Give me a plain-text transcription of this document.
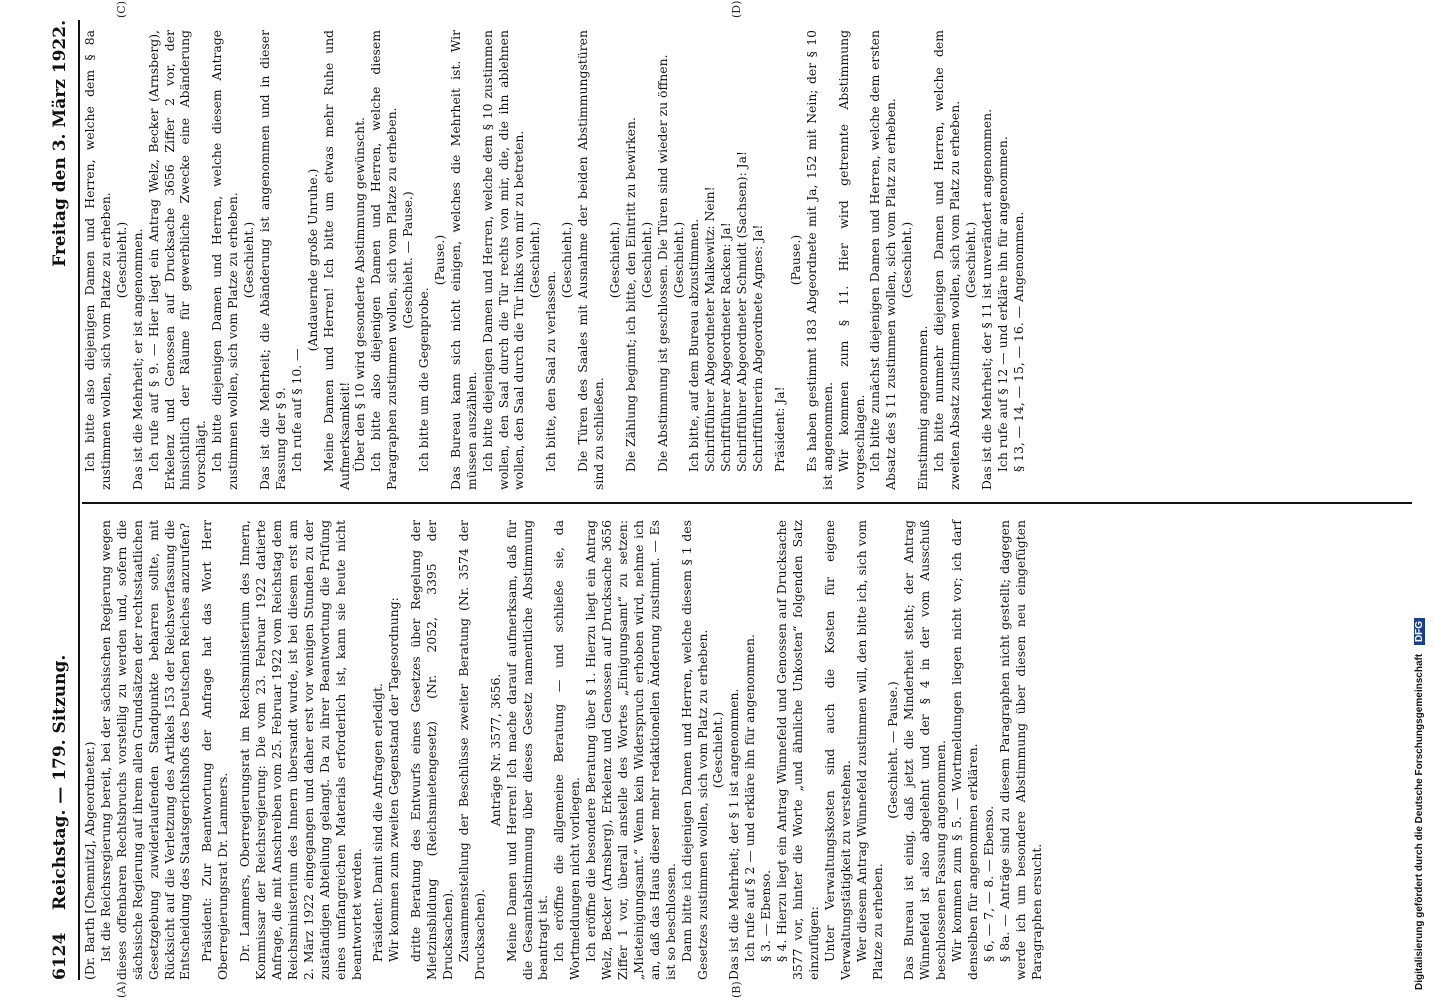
6124
Reichstag. — 179. Sitzung.
Freitag den 3. März 1922.

(Dr. Barth [Chemnitz], Abgeordneter.) Ist die Reichsregierung bereit, bei der sächsischen Regierung wegen dieses offenbaren Rechtsbruchs vorstellig zu werden und, sofern die sächsische Regierung auf ihrem allen Grundsätzen der rechtsstaatlichen Gesetzgebung zuwiderlaufenden Standpunkte beharren sollte, mit Rücksicht auf die Verletzung des Artikels 153 der Reichsverfassung die Entscheidung des Staatsgerichtshofs des Deutschen Reiches anzurufen? Präsident: Zur Beantwortung der Anfrage hat das Wort Herr Oberregierungsrat Dr. Lammers. Dr. Lammers, Oberregierungsrat im Reichsministerium des Innern, Kommissar der Reichsregierung: Die vom 23. Februar 1922 datierte Anfrage, die mit Anschreiben vom 25. Februar 1922 vom Reichstag dem Reichsministerium des Innern übersandt wurde, ist bei diesem erst am 2. März 1922 eingegangen und daher erst vor wenigen Stunden zu der zuständigen Abteilung gelangt. Da zu ihrer Beantwortung die Prüfung eines umfangreichen Materials erforderlich ist, kann sie heute nicht beantwortet werden. Präsident: Damit sind die Anfragen erledigt. Wir kommen zum zweiten Gegenstand der Tagesordnung: dritte Beratung des Entwurfs eines Gesetzes über Regelung der Mietzinsbildung (Reichsmietengesetz) (Nr. 2052, 3395 der Drucksachen). Zusammenstellung der Beschlüsse zweiter Beratung (Nr. 3574 der Drucksachen).

Anträge Nr. 3577, 3656. Meine Damen und Herren! Ich mache darauf aufmerksam, daß für die Gesamtabstimmung über dieses Gesetz namentliche Abstimmung beantragt ist. Ich eröffne die allgemeine Beratung — und schließe sie, da Wortmeldungen nicht vorliegen. Ich eröffne die besondere Beratung über § 1. Hierzu liegt ein Antrag Welz, Becker (Arnsberg), Erkelenz und Genossen auf Drucksache 3656 Ziffer 1 vor, überall anstelle des Wortes „Einigungsamt“ zu setzen: „Mieteinigungsamt.“ Wenn kein Widerspruch erhoben wird, nehme ich an, daß das Haus dieser mehr redaktionellen Änderung zustimmt. — Es ist so beschlossen. Dann bitte ich diejenigen Damen und Herren, welche diesem § 1 des Gesetzes zustimmen wollen, sich vom Platz zu erheben. (Geschieht.) Das ist die Mehrheit; der § 1 ist angenommen. Ich rufe auf § 2 — und erkläre ihn für angenommen. § 3. — Ebenso. § 4. Hierzu liegt ein Antrag Wünnefeld und Genossen auf Drucksache 3577 vor, hinter die Worte „und ähnliche Unkosten“ folgenden Satz einzufügen: Unter Verwaltungskosten sind auch die Kosten für eigene Verwaltungstätigkeit zu verstehen. Wer diesem Antrag Wünnefeld zustimmen will, den bitte ich, sich vom Platze zu erheben.

(Geschieht. — Pause.) Das Bureau ist einig, daß jetzt die Minderheit steht; der Antrag Wünnefeld ist also abgelehnt und der § 4 in der vom Ausschuß beschlossenen Fassung angenommen. Wir kommen zum § 5. — Wortmeldungen liegen nicht vor; ich darf denselben für angenommen erklären. § 6, — 7, — 8. — Ebenso. § 8a. — Anträge sind zu diesem Paragraphen nicht gestellt; dagegen werde ich um besondere Abstimmung über diesen neu eingefügten Paragraphen ersucht.

Ich bitte also diejenigen Damen und Herren, welche dem § 8a zustimmen wollen, sich vom Platze zu erheben. (Geschieht.) Das ist die Mehrheit; er ist angenommen. Ich rufe auf § 9. — Hier liegt ein Antrag Welz, Becker (Arnsberg), Erkelenz und Genossen auf Drucksache 3656 Ziffer 2 vor, der hinsichtlich der Räume für gewerbliche Zwecke eine Abänderung vorschlägt. Ich bitte diejenigen Damen und Herren, welche diesem Antrage zustimmen wollen, sich vom Platze zu erheben. (Geschieht.) Das ist die Mehrheit; die Abänderung ist angenommen und in dieser Fassung der § 9. Ich rufe auf § 10. —

(Andauernde große Unruhe.) Meine Damen und Herren! Ich bitte um etwas mehr Ruhe und Aufmerksamkeit! Über den § 10 wird gesonderte Abstimmung gewünscht. Ich bitte also diejenigen Damen und Herren, welche diesem Paragraphen zustimmen wollen, sich vom Platze zu erheben. (Geschieht. — Pause.)

Ich bitte um die Gegenprobe.

(Pause.) Das Bureau kann sich nicht einigen, welches die Mehrheit ist. Wir müssen auszählen. Ich bitte diejenigen Damen und Herren, welche dem § 10 zustimmen wollen, den Saal durch die Tür rechts von mir, die, die ihn ablehnen wollen, den Saal durch die Tür links von mir zu betreten. (Geschieht.)

Ich bitte, den Saal zu verlassen.

(Geschieht.) Die Türen des Saales mit Ausnahme der beiden Abstimmungstüren sind zu schließen.

(Geschieht.) Die Zählung beginnt; ich bitte, den Eintritt zu bewirken. (Geschieht.) Die Abstimmung ist geschlossen. Die Türen sind wieder zu öffnen. (Geschieht.) Ich bitte, auf dem Bureau abzustimmen. Schriftführer Abgeordneter Malkewitz: Nein! Schriftführer Abgeordneter Racken: Ja! Schriftführer Abgeordneter Schmidt (Sachsen): Ja! Schriftführerin Abgeordnete Agnes: Ja! Präsident: Ja!

(Pause.) Es haben gestimmt 183 Abgeordnete mit Ja, 152 mit Nein; der § 10 ist angenommen. Wir kommen zum § 11. Hier wird getrennte Abstimmung vorgeschlagen. Ich bitte zunächst diejenigen Damen und Herren, welche dem ersten Absatz des § 11 zustimmen wollen, sich vom Platz zu erheben. (Geschieht.)

Einstimmig angenommen. Ich bitte nunmehr diejenigen Damen und Herren, welche dem zweiten Absatz zustimmen wollen, sich vom Platz zu erheben. (Geschieht.) Das ist die Mehrheit; der § 11 ist unverändert angenommen. Ich rufe auf § 12 — und erkläre ihn für angenommen. § 13, — 14, — 15, — 16. — Angenommen.

(A)	(B)
(C)	(D)
Digitalisierung gefördert durch die Deutsche Forschungsgemeinschaft DFG
